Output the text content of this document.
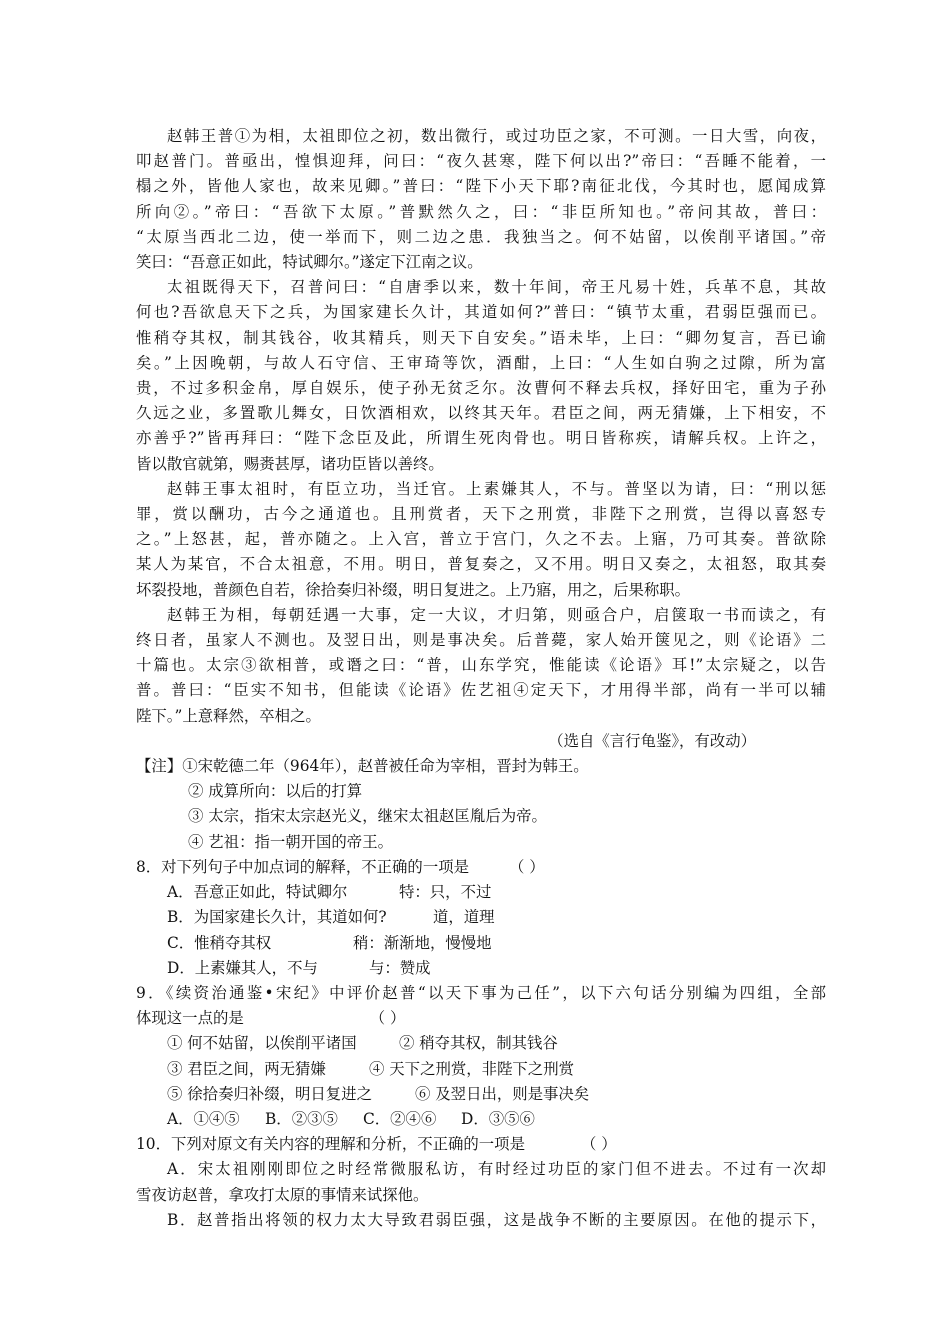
赵韩王普①为相，太祖即位之初，数出微行，或过功臣之家，不可测。一日大雪，向夜，

叩赵普门。普亟出，惶惧迎拜，问曰：“夜久甚寒，陛下何以出?”帝曰：“吾睡不能着，一

榻之外，皆他人家也，故来见卿。”普曰：“陛下小天下耶?南征北伐，今其时也，愿闻成算

所向②。”帝曰：“吾欲下太原。”普默然久之，曰：“非臣所知也。”帝问其故，普曰：

“太原当西北二边，使一举而下，则二边之患．我独当之。何不姑留，以俟削平诸国。”帝

笑曰：“吾意正如此，特试卿尔。”遂定下江南之议。

太祖既得天下，召普问曰：“自唐季以来，数十年间，帝王凡易十姓，兵革不息，其故

何也?吾欲息天下之兵，为国家建长久计，其道如何?”普曰：“镇节太重，君弱臣强而已。

惟稍夺其权，制其钱谷，收其精兵，则天下自安矣。”语未毕，上曰：“卿勿复言，吾已谕

矣。”上因晚朝，与故人石守信、王审琦等饮，酒酣，上曰：“人生如白驹之过隙，所为富

贵，不过多积金帛，厚自娱乐，使子孙无贫乏尔。汝曹何不释去兵权，择好田宅，重为子孙

久远之业，多置歌儿舞女，日饮酒相欢，以终其天年。君臣之间，两无猜嫌，上下相安，不

亦善乎?”皆再拜曰：“陛下念臣及此，所谓生死肉骨也。明日皆称疾，请解兵权。上许之，

皆以散官就第，赐赉甚厚，诸功臣皆以善终。

赵韩王事太祖时，有臣立功，当迁官。上素嫌其人，不与。普坚以为请，曰：“刑以惩

罪，赏以酬功，古今之通道也。且刑赏者，天下之刑赏，非陛下之刑赏，岂得以喜怒专

之。”上怒甚，起，普亦随之。上入宫，普立于宫门，久之不去。上寤，乃可其奏。普欲除

某人为某官，不合太祖意，不用。明日，普复奏之，又不用。明日又奏之，太祖怒，取其奏

坏裂投地，普颜色自若，徐拾奏归补缀，明日复进之。上乃寤，用之，后果称职。

赵韩王为相，每朝廷遇一大事，定一大议，才归第，则亟合户，启箧取一书而读之，有

终日者，虽家人不测也。及翌日出，则是事决矣。后普薨，家人始开箧见之，则《论语》二

十篇也。太宗③欲相普，或谮之曰：“普，山东学究，惟能读《论语》耳!”太宗疑之，以告

普。普曰：“臣实不知书，但能读《论语》佐艺祖④定天下，才用得半部，尚有一半可以辅

陛下。”上意释然，卒相之。

（选自《言行龟鉴》，有改动）

【注】①宋乾德二年（964年），赵普被任命为宰相，晋封为韩王。

② 成算所向：以后的打算

③ 太宗，指宋太宗赵光义，继宋太祖赵匡胤后为帝。

④ 艺祖：指一朝开国的帝王。

8．对下列句子中加点词的解释，不正确的一项是	（ ）

A．吾意正如此，特试卿尔	特：只，不过
B．为国家建长久计，其道如何?	道，道理
C．惟稍夺其权	稍：渐渐地，慢慢地
D．上素嫌其人，不与	与：赞成

9．《续资治通鉴•宋纪》中评价赵普“以天下事为己任”，以下六句话分别编为四组，全部

体现这一点的是	（ ）

① 何不姑留，以俟削平诸国	② 稍夺其权，制其钱谷
③ 君臣之间，两无猜嫌	④ 天下之刑赏，非陛下之刑赏
⑤ 徐拾奏归补缀，明日复进之	⑥ 及翌日出，则是事决矣
A．①④⑤	B．②③⑤	C．②④⑥	D．③⑤⑥

10．下列对原文有关内容的理解和分析，不正确的一项是	（ ）

A．宋太祖刚刚即位之时经常微服私访，有时经过功臣的家门但不进去。不过有一次却

雪夜访赵普，拿攻打太原的事情来试探他。

B．赵普指出将领的权力太大导致君弱臣强，这是战争不断的主要原因。在他的提示下，
